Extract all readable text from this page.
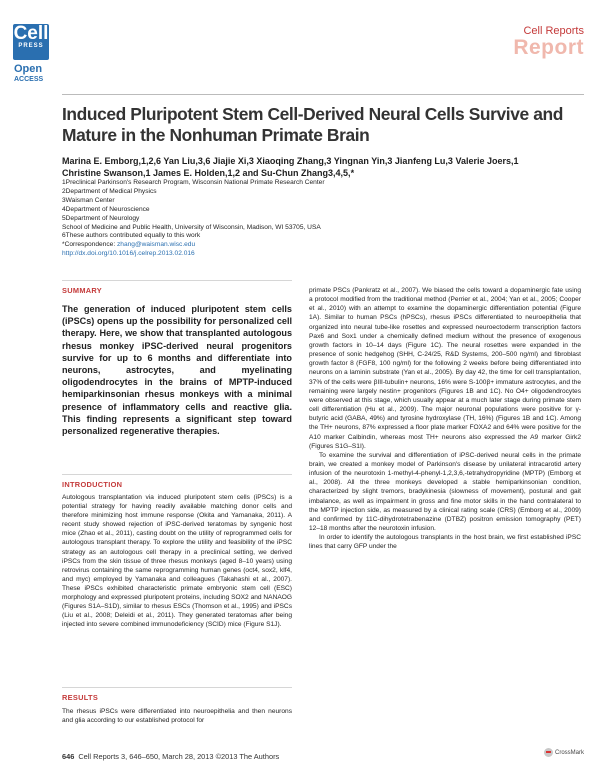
Cell
PRESS
Open
ACCESS
Cell Reports
Report
Induced Pluripotent Stem Cell-Derived Neural Cells Survive and Mature in the Nonhuman Primate Brain
Marina E. Emborg,1,2,6 Yan Liu,3,6 Jiajie Xi,3 Xiaoqing Zhang,3 Yingnan Yin,3 Jianfeng Lu,3 Valerie Joers,1 Christine Swanson,1 James E. Holden,1,2 and Su-Chun Zhang3,4,5,*
1Preclinical Parkinson's Research Program, Wisconsin National Primate Research Center
2Department of Medical Physics
3Waisman Center
4Department of Neuroscience
5Department of Neurology
School of Medicine and Public Health, University of Wisconsin, Madison, WI 53705, USA
6These authors contributed equally to this work
*Correspondence: zhang@waisman.wisc.edu
http://dx.doi.org/10.1016/j.celrep.2013.02.016
SUMMARY
The generation of induced pluripotent stem cells (iPSCs) opens up the possibility for personalized cell therapy. Here, we show that transplanted autologous rhesus monkey iPSC-derived neural progenitors survive for up to 6 months and differentiate into neurons, astrocytes, and myelinating oligodendrocytes in the brains of MPTP-induced hemiparkinsonian rhesus monkeys with a minimal presence of inflammatory cells and reactive glia. This finding represents a significant step toward personalized regenerative therapies.
INTRODUCTION
Autologous transplantation via induced pluripotent stem cells (iPSCs) is a potential strategy for having readily available matching donor cells and therefore minimizing host immune response (Okita and Yamanaka, 2011). A recent study showed rejection of iPSC-derived teratomas by syngenic host mice (Zhao et al., 2011), casting doubt on the utility of reprogrammed cells for autologous transplant therapy. To explore the utility and feasibility of the iPSC strategy as an autologous cell therapy in a preclinical setting, we derived iPSCs from the skin tissue of three rhesus monkeys (aged 8–10 years) using retrovirus containing the same reprogramming human genes (oct4, sox2, klf4, and myc) employed by Yamanaka and colleagues (Takahashi et al., 2007). These iPSCs exhibited characteristic primate embryonic stem cell (ESC) morphology and expressed pluripotent proteins, including SOX2 and NANAOG (Figures S1A–S1D), similar to rhesus ESCs (Thomson et al., 1995) and iPSCs (Liu et al., 2008; Deleidi et al., 2011). They generated teratomas after being injected into severe combined immunodeficiency (SCID) mice (Figure S1J).
RESULTS
The rhesus iPSCs were differentiated into neuroepithelia and then neurons and glia according to our established protocol for

primate PSCs (Pankratz et al., 2007). We biased the cells toward a dopaminergic fate using a protocol modified from the traditional method (Perrier et al., 2004; Yan et al., 2005; Cooper et al., 2010) with an attempt to examine the dopaminergic differentiation potential (Figure 1A). Similar to human PSCs (hPSCs), rhesus iPSCs differentiated to neuroepithelia that organized into neural tube-like rosettes and expressed neuroectoderm transcription factors Pax6 and Sox1 under a chemically defined medium without the presence of exogenous growth factors in 10–14 days (Figure 1C). The neural rosettes were expanded in the presence of sonic hedgehog (SHH, C-24/25, R&D Systems, 200–500 ng/ml) and fibroblast growth factor 8 (FGF8, 100 ng/ml) for the following 2 weeks before being differentiated into neurons on a laminin substrate (Yan et al., 2005). By day 42, the time for cell transplantation, 37% of the cells were βIII-tubulin+ neurons, 16% were S-100β+ immature astrocytes, and the remaining were largely nestin+ progenitors (Figures 1B and 1C). No O4+ oligodendrocytes were observed at this stage, which usually appear at a much later stage during primate stem cell differentiation (Hu et al., 2009). The major neuronal populations were positive for γ-butyric acid (GABA, 49%) and tyrosine hydroxylase (TH, 16%) (Figures 1B and 1C). Among the TH+ neurons, 87% expressed a floor plate marker FOXA2 and 64% were positive for the A10 marker Calbindin, whereas most TH+ neurons also expressed the A9 marker Girk2 (Figures S1G–S1I).

To examine the survival and differentiation of iPSC-derived neural cells in the primate brain, we created a monkey model of Parkinson's disease by unilateral intracarotid artery infusion of the neurotoxin 1-methyl-4-phenyl-1,2,3,6,-tetrahydropyridine (MPTP) (Emborg et al., 2008). All the three monkeys developed a stable hemiparkinsonian condition, characterized by slight tremors, bradykinesia (slowness of movement), postural and gait imbalance, as well as impairment in gross and fine motor skills in the hand contralateral to the MPTP injection side, as measured by a clinical rating scale (CRS) (Emborg et al., 2009) and confirmed by 11C-dihydrotetrabenazine (DTBZ) positron emission tomography (PET) 12–18 months after the neurotoxin infusion.

In order to identify the autologous transplants in the host brain, we first established iPSC lines that carry GFP under the

646 Cell Reports 3, 646–650, March 28, 2013 ©2013 The Authors	CrossMark
